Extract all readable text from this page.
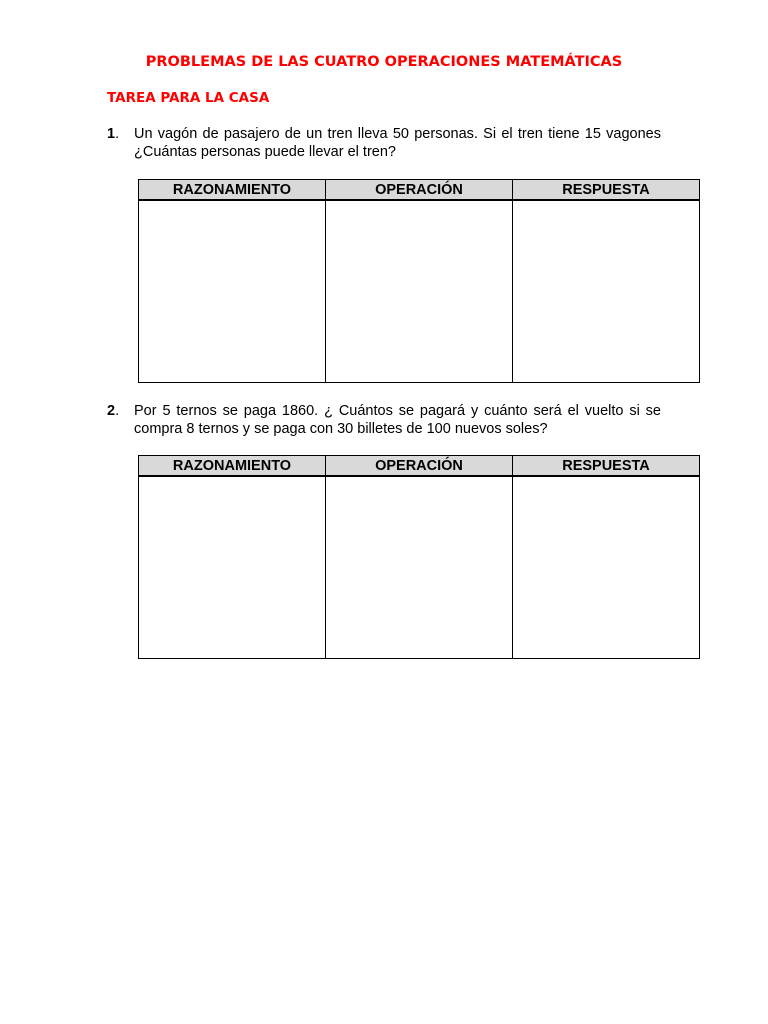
PROBLEMAS DE LAS CUATRO OPERACIONES MATEMÁTICAS
TAREA PARA LA CASA
1. Un vagón de pasajero de un tren lleva 50 personas. Si el tren tiene 15 vagones ¿Cuántas personas puede llevar el tren?
RAZONAMIENTO	OPERACIÓN	RESPUESTA

2. Por 5 ternos se paga 1860. ¿ Cuántos se pagará y cuánto será el vuelto si se compra 8 ternos y se paga con 30 billetes de 100 nuevos soles?
RAZONAMIENTO	OPERACIÓN	RESPUESTA
